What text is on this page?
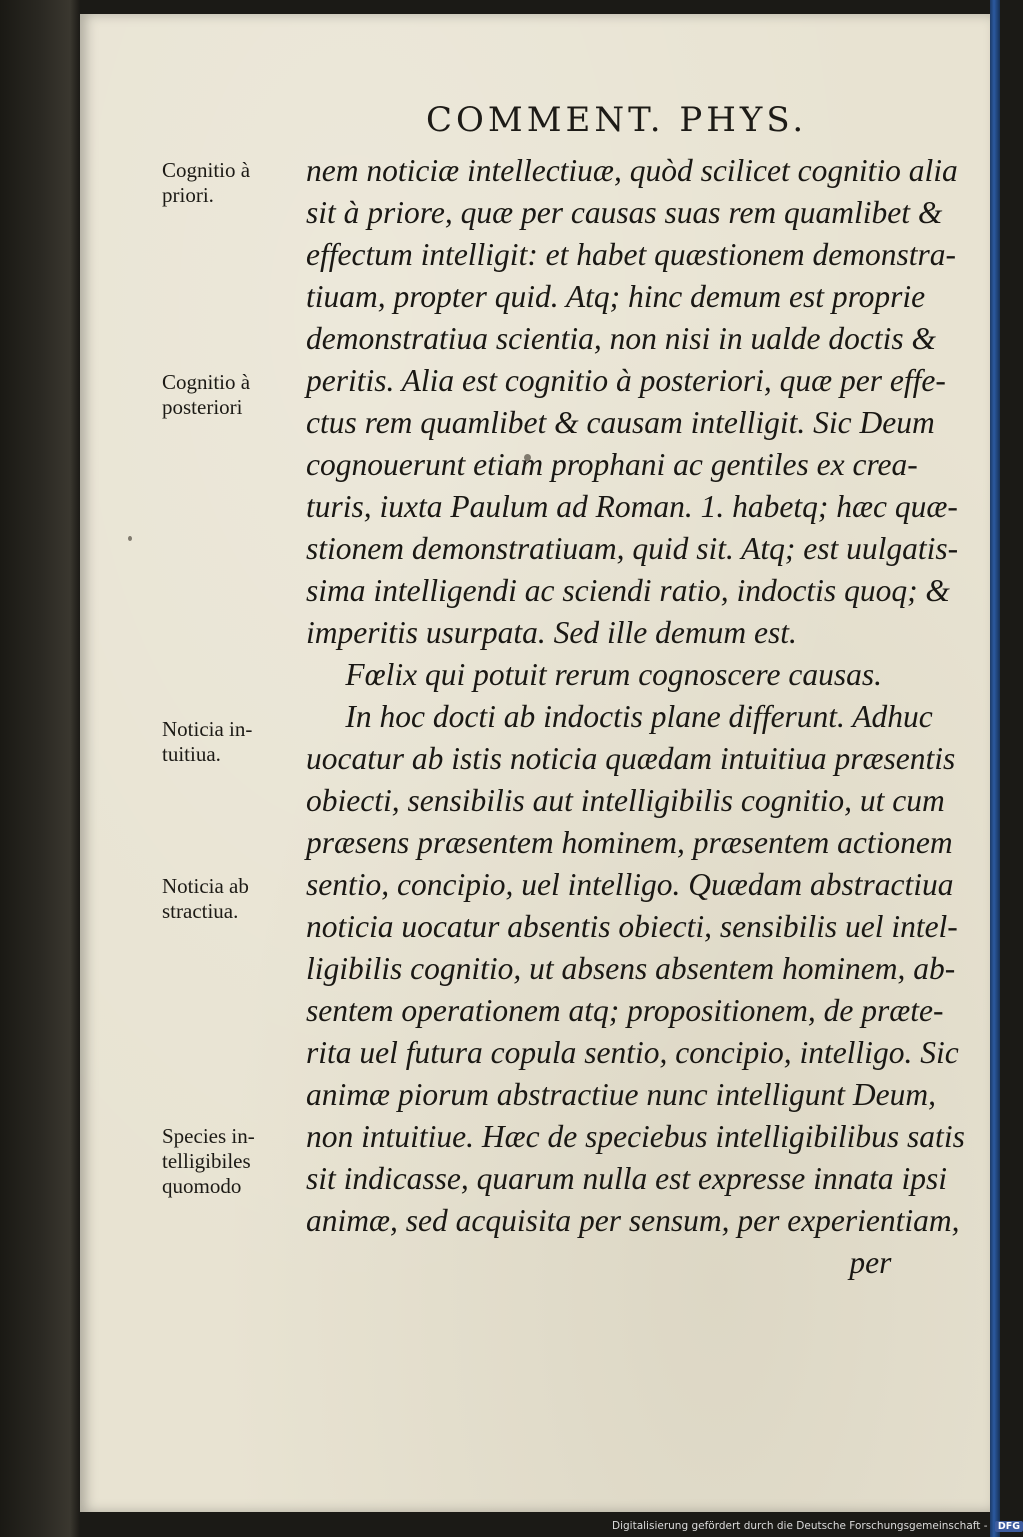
COMMENT. PHYS.
Cognitio à
priori.
Cognitio à
posteriori
Noticia in-
tuitiua.
Noticia ab
stractiua.
Species in-
telligibiles
quomodo
nem noticiæ intellectiuæ, quòd scilicet cognitio alia
sit à priore, quæ per causas suas rem quamlibet &
effectum intelligit: et habet quæstionem demonstra-
tiuam, propter quid. Atq; hinc demum est proprie
demonstratiua scientia, non nisi in ualde doctis &
peritis. Alia est cognitio à posteriori, quæ per effe-
ctus rem quamlibet & causam intelligit. Sic Deum
cognouerunt etiam prophani ac gentiles ex crea-
turis, iuxta Paulum ad Roman. 1. habetq; hæc quæ-
stionem demonstratiuam, quid sit. Atq; est uulgatis-
sima intelligendi ac sciendi ratio, indoctis quoq; &
imperitis usurpata. Sed ille demum est.
Fœlix qui potuit rerum cognoscere causas.
In hoc docti ab indoctis plane differunt. Adhuc
uocatur ab istis noticia quædam intuitiua præsentis
obiecti, sensibilis aut intelligibilis cognitio, ut cum
præsens præsentem hominem, præsentem actionem
sentio, concipio, uel intelligo. Quædam abstractiua
noticia uocatur absentis obiecti, sensibilis uel intel-
ligibilis cognitio, ut absens absentem hominem, ab-
sentem operationem atq; propositionem, de præte-
rita uel futura copula sentio, concipio, intelligo. Sic
animæ piorum abstractiue nunc intelligunt Deum,
non intuitiue. Hæc de speciebus intelligibilibus satis
sit indicasse, quarum nulla est expresse innata ipsi
animæ, sed acquisita per sensum, per experientiam,
per
Digitalisierung gefördert durch die Deutsche Forschungsgemeinschaft - DFG
